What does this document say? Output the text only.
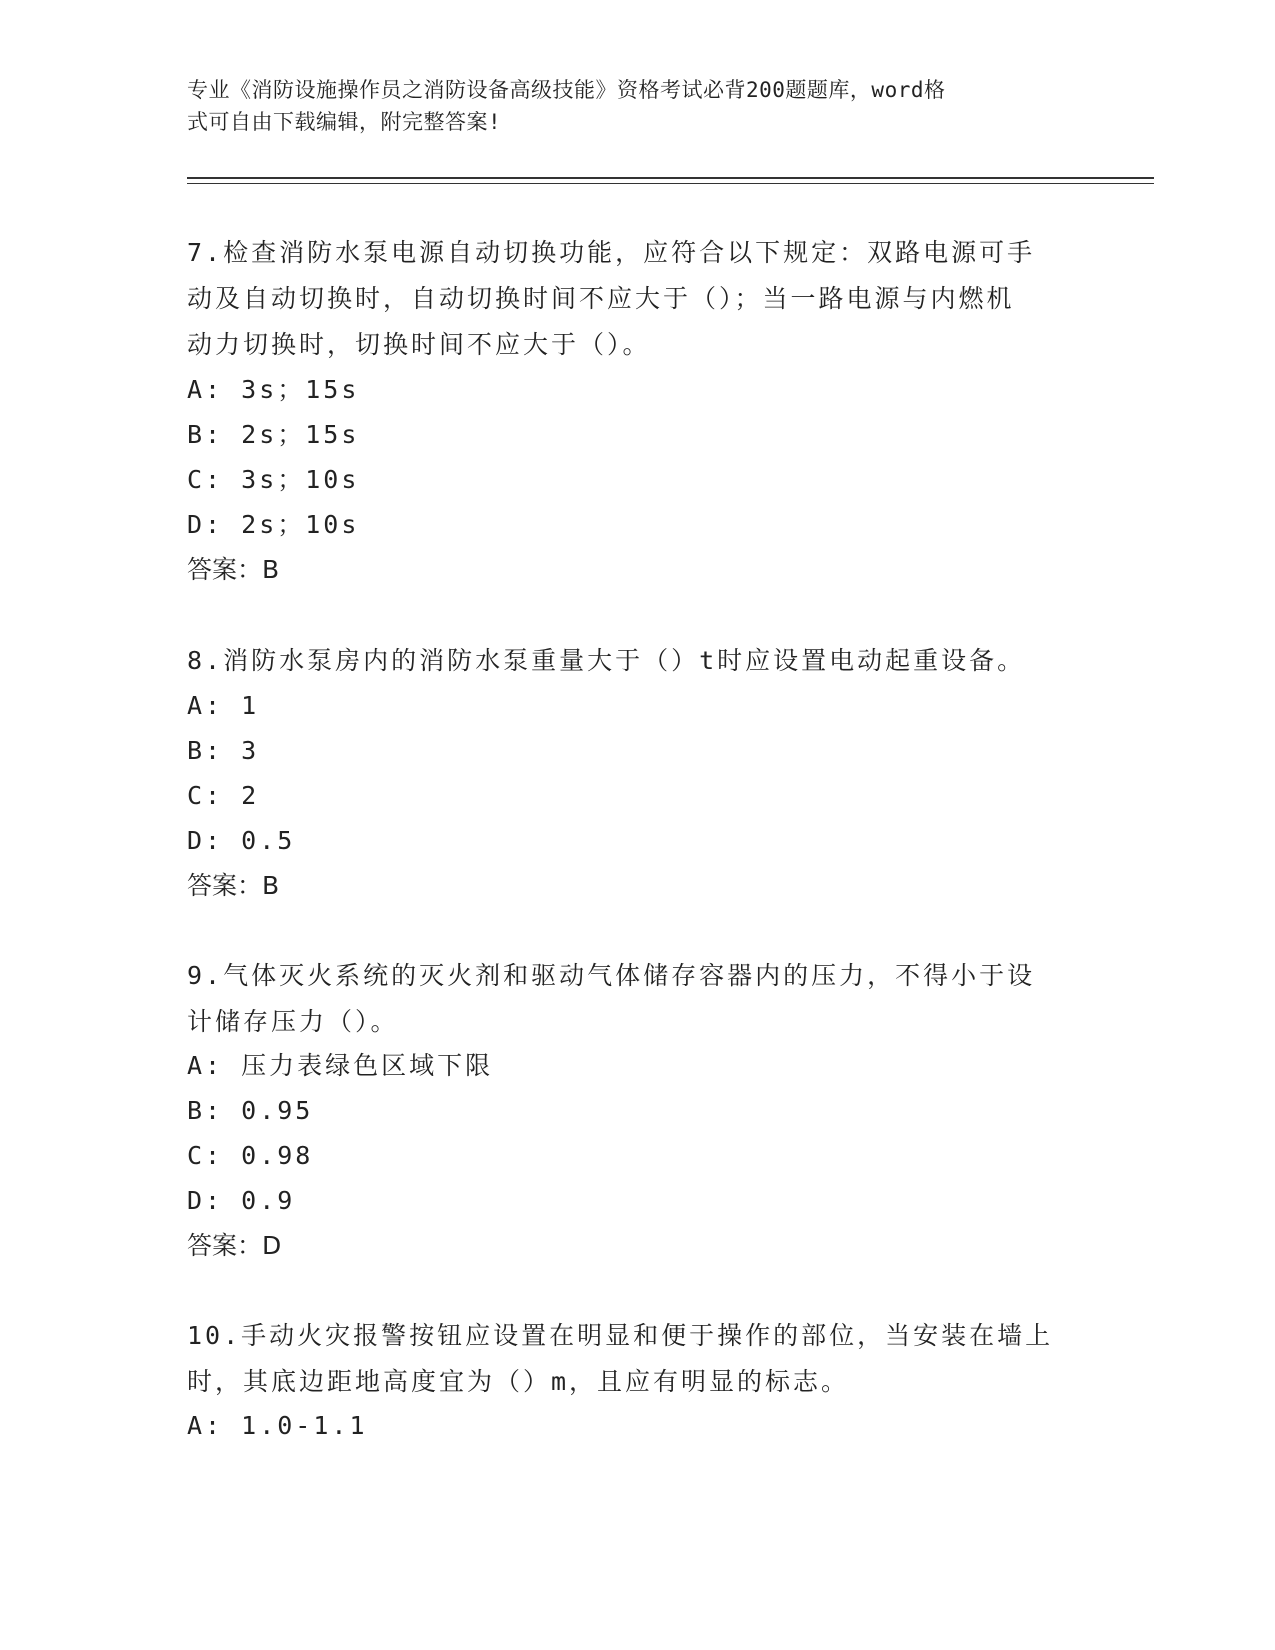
专业《消防设施操作员之消防设备高级技能》资格考试必背200题题库，word格
式可自由下载编辑，附完整答案!
7.检查消防水泵电源自动切换功能，应符合以下规定：双路电源可手
动及自动切换时，自动切换时间不应大于（）；当一路电源与内燃机
动力切换时，切换时间不应大于（）。
A: 3s；15s
B: 2s；15s
C: 3s；10s
D: 2s；10s
答案：B
8.消防水泵房内的消防水泵重量大于（）t时应设置电动起重设备。
A: 1
B: 3
C: 2
D: 0.5
答案：B
9.气体灭火系统的灭火剂和驱动气体储存容器内的压力，不得小于设
计储存压力（）。
A: 压力表绿色区域下限
B: 0.95
C: 0.98
D: 0.9
答案：D
10.手动火灾报警按钮应设置在明显和便于操作的部位，当安装在墙上
时，其底边距地高度宜为（）m，且应有明显的标志。
A: 1.0-1.1
